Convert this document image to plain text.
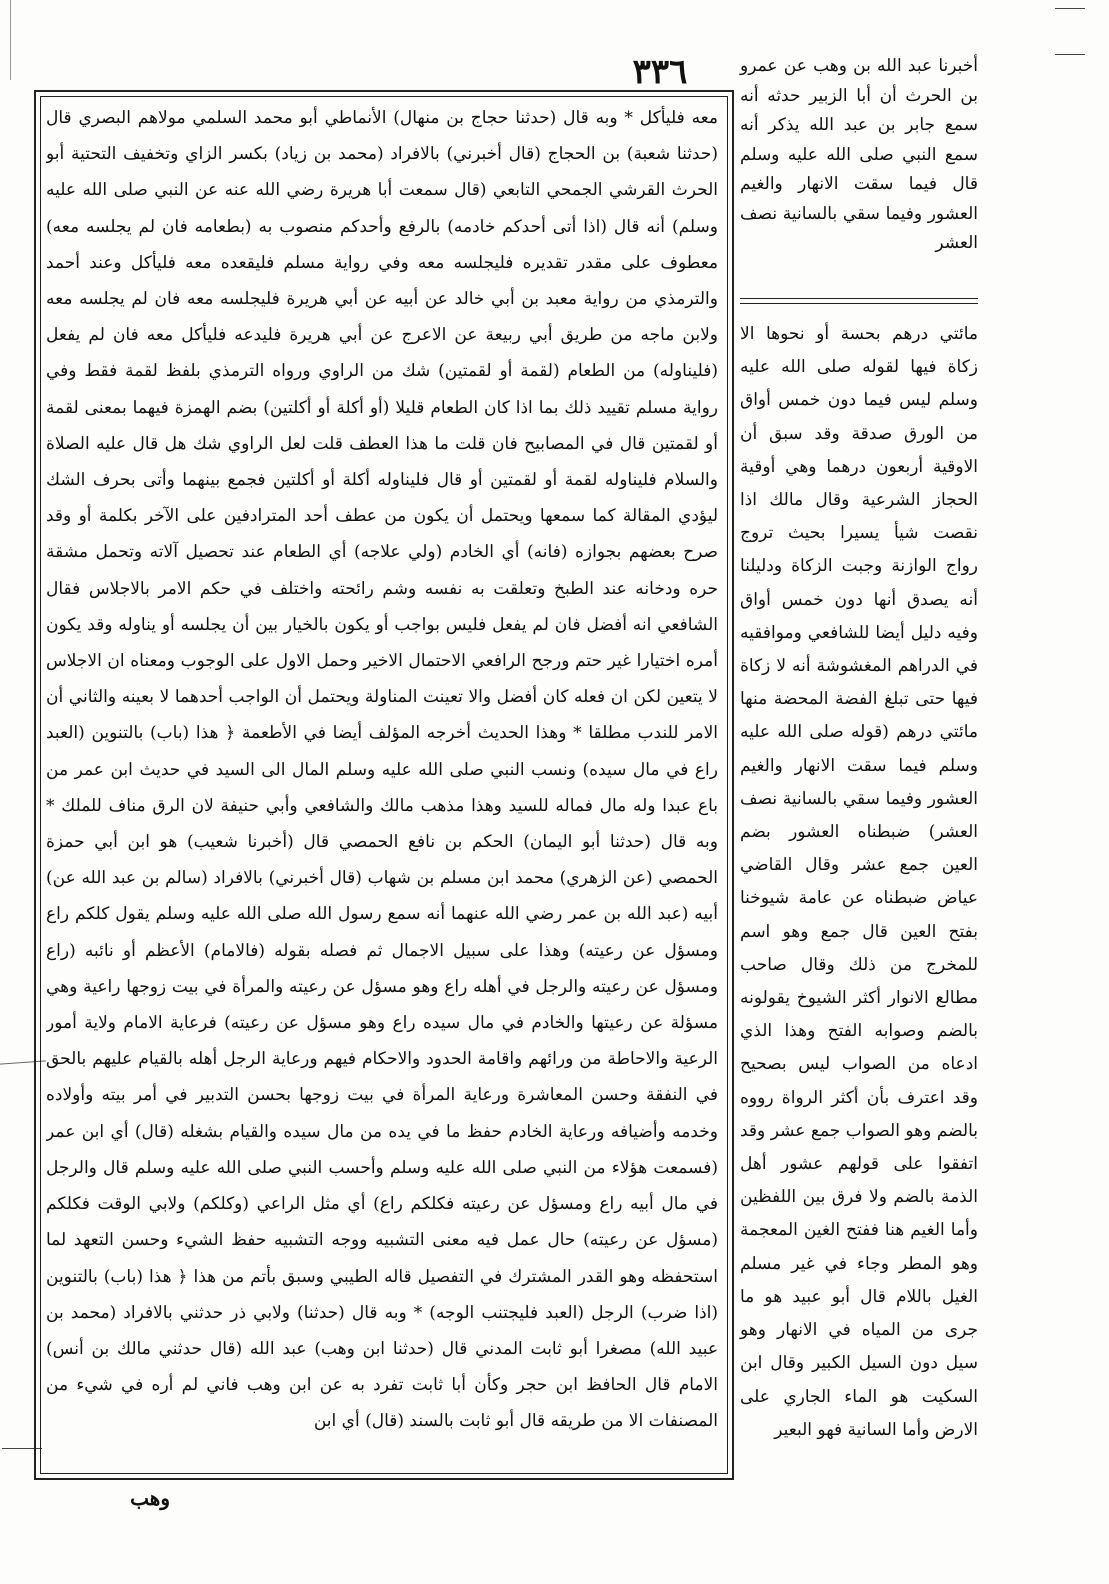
٣٣٦	أخبرنا عبد الله بن وهب عن عمرو بن الحرث أن أبا الزبير حدثه أنه سمع جابر بن عبد الله يذكر أنه سمع النبي صلى الله عليه وسلم قال فيما سقت الانهار والغيم العشور وفيما سقي بالسانية نصف العشر
مائتي درهم بحسة أو نحوها الا زكاة فيها لقوله صلى الله عليه وسلم ليس فيما دون خمس أواق من الورق صدقة وقد سبق أن الاوقية أربعون درهما وهي أوقية الحجاز الشرعية وقال مالك اذا نقصت شيأ يسيرا بحيث تروج رواج الوازنة وجبت الزكاة ودليلنا أنه يصدق أنها دون خمس أواق وفيه دليل أيضا للشافعي وموافقيه في الدراهم المغشوشة أنه لا زكاة فيها حتى تبلغ الفضة المحضة منها مائتي درهم (قوله صلى الله عليه وسلم فيما سقت الانهار والغيم العشور وفيما سقي بالسانية نصف العشر) ضبطناه العشور بضم العين جمع عشر وقال القاضي عياض ضبطناه عن عامة شيوخنا بفتح العين قال جمع وهو اسم للمخرج من ذلك وقال صاحب مطالع الانوار أكثر الشيوخ يقولونه بالضم وصوابه الفتح وهذا الذي ادعاه من الصواب ليس بصحيح وقد اعترف بأن أكثر الرواة رووه بالضم وهو الصواب جمع عشر وقد اتفقوا على قولهم عشور أهل الذمة بالضم ولا فرق بين اللفظين وأما الغيم هنا ففتح الغين المعجمة وهو المطر وجاء في غير مسلم الغيل باللام قال أبو عبيد هو ما جرى من المياه في الانهار وهو سيل دون السيل الكبير وقال ابن السكيت هو الماء الجاري على الارض وأما السانية فهو البعير
معه فليأكل * وبه قال (حدثنا حجاج بن منهال) الأنماطي أبو محمد السلمي مولاهم البصري قال (حدثنا شعبة) بن الحجاج (قال أخبرني) بالافراد (محمد بن زياد) بكسر الزاي وتخفيف التحتية أبو الحرث القرشي الجمحي التابعي (قال سمعت أبا هريرة رضي الله عنه عن النبي صلى الله عليه وسلم) أنه قال (اذا أتى أحدكم خادمه) بالرفع وأحدكم منصوب به (بطعامه فان لم يجلسه معه) معطوف على مقدر تقديره فليجلسه معه وفي رواية مسلم فليقعده معه فليأكل وعند أحمد والترمذي من رواية معبد بن أبي خالد عن أبيه عن أبي هريرة فليجلسه معه فان لم يجلسه معه ولابن ماجه من طريق أبي ربيعة عن الاعرج عن أبي هريرة فليدعه فليأكل معه فان لم يفعل (فليناوله) من الطعام (لقمة أو لقمتين) شك من الراوي ورواه الترمذي بلفظ لقمة فقط وفي رواية مسلم تقييد ذلك بما اذا كان الطعام قليلا (أو أكلة أو أكلتين) بضم الهمزة فيهما بمعنى لقمة أو لقمتين قال في المصابيح فان قلت ما هذا العطف قلت لعل الراوي شك هل قال عليه الصلاة والسلام فليناوله لقمة أو لقمتين أو قال فليناوله أكلة أو أكلتين فجمع بينهما وأتى بحرف الشك ليؤدي المقالة كما سمعها ويحتمل أن يكون من عطف أحد المترادفين على الآخر بكلمة أو وقد صرح بعضهم بجوازه (فانه) أي الخادم (ولي علاجه) أي الطعام عند تحصيل آلاته وتحمل مشقة حره ودخانه عند الطبخ وتعلقت به نفسه وشم رائحته واختلف في حكم الامر بالاجلاس فقال الشافعي انه أفضل فان لم يفعل فليس بواجب أو يكون بالخيار بين أن يجلسه أو يناوله وقد يكون أمره اختيارا غير حتم ورجح الرافعي الاحتمال الاخير وحمل الاول على الوجوب ومعناه ان الاجلاس لا يتعين لكن ان فعله كان أفضل والا تعينت المناولة ويحتمل أن الواجب أحدهما لا بعينه والثاني أن الامر للندب مطلقا * وهذا الحديث أخرجه المؤلف أيضا في الأطعمة ﴿ هذا (باب) بالتنوين (العبد راع في مال سيده) ونسب النبي صلى الله عليه وسلم المال الى السيد في حديث ابن عمر من باع عبدا وله مال فماله للسيد وهذا مذهب مالك والشافعي وأبي حنيفة لان الرق مناف للملك * وبه قال (حدثنا أبو اليمان) الحكم بن نافع الحمصي قال (أخبرنا شعيب) هو ابن أبي حمزة الحمصي (عن الزهري) محمد ابن مسلم بن شهاب (قال أخبرني) بالافراد (سالم بن عبد الله عن) أبيه (عبد الله بن عمر رضي الله عنهما أنه سمع رسول الله صلى الله عليه وسلم يقول كلكم راع ومسؤل عن رعيته) وهذا على سبيل الاجمال ثم فصله بقوله (فالامام) الأعظم أو نائبه (راع ومسؤل عن رعيته والرجل في أهله راع وهو مسؤل عن رعيته والمرأة في بيت زوجها راعية وهي مسؤلة عن رعيتها والخادم في مال سيده راع وهو مسؤل عن رعيته) فرعاية الامام ولاية أمور الرعية والاحاطة من ورائهم واقامة الحدود والاحكام فيهم ورعاية الرجل أهله بالقيام عليهم بالحق في النفقة وحسن المعاشرة ورعاية المرأة في بيت زوجها بحسن التدبير في أمر بيته وأولاده وخدمه وأضيافه ورعاية الخادم حفظ ما في يده من مال سيده والقيام بشغله (قال) أي ابن عمر (فسمعت هؤلاء من النبي صلى الله عليه وسلم وأحسب النبي صلى الله عليه وسلم قال والرجل في مال أبيه راع ومسؤل عن رعيته فكلكم راع) أي مثل الراعي (وكلكم) ولابي الوقت فكلكم (مسؤل عن رعيته) حال عمل فيه معنى التشبيه ووجه التشبيه حفظ الشيء وحسن التعهد لما استحفظه وهو القدر المشترك في التفصيل قاله الطيبي وسبق بأتم من هذا ﴿ هذا (باب) بالتنوين (اذا ضرب) الرجل (العبد فليجتنب الوجه) * وبه قال (حدثنا) ولابي ذر حدثني بالافراد (محمد بن عبيد الله) مصغرا أبو ثابت المدني قال (حدثنا ابن وهب) عبد الله (قال حدثني مالك بن أنس) الامام قال الحافظ ابن حجر وكأن أبا ثابت تفرد به عن ابن وهب فاني لم أره في شيء من المصنفات الا من طريقه قال أبو ثابت بالسند (قال) أي ابن
وهب
